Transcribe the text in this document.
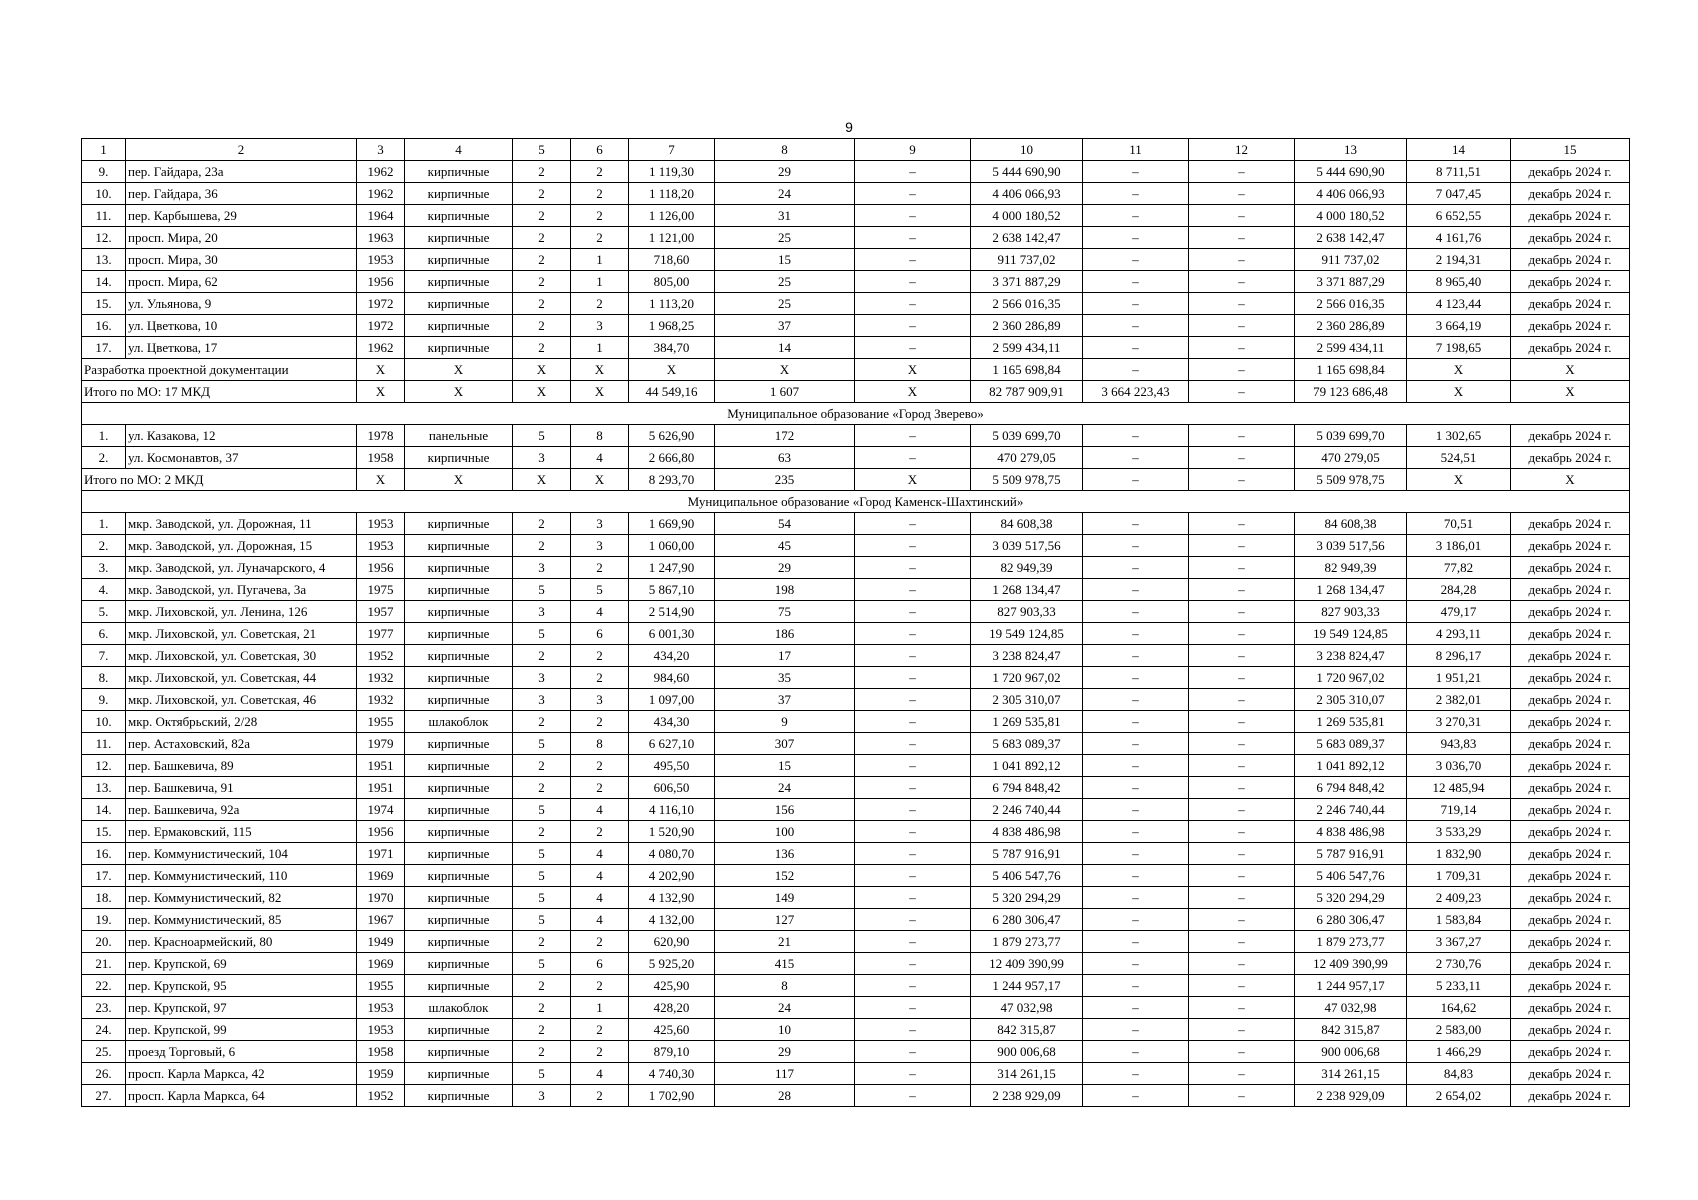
9
1	2	3	4	5	6	7	8	9	10	11	12	13	14	15
9.	пер. Гайдара, 23а	1962	кирпичные	2	2	1 119,30	29	–	5 444 690,90	–	–	5 444 690,90	8 711,51	декабрь 2024 г.
10.	пер. Гайдара, 36	1962	кирпичные	2	2	1 118,20	24	–	4 406 066,93	–	–	4 406 066,93	7 047,45	декабрь 2024 г.
11.	пер. Карбышева, 29	1964	кирпичные	2	2	1 126,00	31	–	4 000 180,52	–	–	4 000 180,52	6 652,55	декабрь 2024 г.
12.	просп. Мира, 20	1963	кирпичные	2	2	1 121,00	25	–	2 638 142,47	–	–	2 638 142,47	4 161,76	декабрь 2024 г.
13.	просп. Мира, 30	1953	кирпичные	2	1	718,60	15	–	911 737,02	–	–	911 737,02	2 194,31	декабрь 2024 г.
14.	просп. Мира, 62	1956	кирпичные	2	1	805,00	25	–	3 371 887,29	–	–	3 371 887,29	8 965,40	декабрь 2024 г.
15.	ул. Ульянова, 9	1972	кирпичные	2	2	1 113,20	25	–	2 566 016,35	–	–	2 566 016,35	4 123,44	декабрь 2024 г.
16.	ул. Цветкова, 10	1972	кирпичные	2	3	1 968,25	37	–	2 360 286,89	–	–	2 360 286,89	3 664,19	декабрь 2024 г.
17.	ул. Цветкова, 17	1962	кирпичные	2	1	384,70	14	–	2 599 434,11	–	–	2 599 434,11	7 198,65	декабрь 2024 г.
Разработка проектной документации		X	X	X	X	X	X	X	1 165 698,84	–	–	1 165 698,84	X	X
Итого по МО: 17 МКД		X	X	X	X	44 549,16	1 607	X	82 787 909,91	3 664 223,43	–	79 123 686,48	X	X
Муниципальное образование «Город Зверево»														
1.	ул. Казакова, 12	1978	панельные	5	8	5 626,90	172	–	5 039 699,70	–	–	5 039 699,70	1 302,65	декабрь 2024 г.
2.	ул. Космонавтов, 37	1958	кирпичные	3	4	2 666,80	63	–	470 279,05	–	–	470 279,05	524,51	декабрь 2024 г.
Итого по МО: 2 МКД		X	X	X	X	8 293,70	235	X	5 509 978,75	–	–	5 509 978,75	X	X
Муниципальное образование «Город Каменск-Шахтинский»														
1.	мкр. Заводской, ул. Дорожная, 11	1953	кирпичные	2	3	1 669,90	54	–	84 608,38	–	–	84 608,38	70,51	декабрь 2024 г.
2.	мкр. Заводской, ул. Дорожная, 15	1953	кирпичные	2	3	1 060,00	45	–	3 039 517,56	–	–	3 039 517,56	3 186,01	декабрь 2024 г.
3.	мкр. Заводской, ул. Луначарского, 4	1956	кирпичные	3	2	1 247,90	29	–	82 949,39	–	–	82 949,39	77,82	декабрь 2024 г.
4.	мкр. Заводской, ул. Пугачева, 3а	1975	кирпичные	5	5	5 867,10	198	–	1 268 134,47	–	–	1 268 134,47	284,28	декабрь 2024 г.
5.	мкр. Лиховской, ул. Ленина, 126	1957	кирпичные	3	4	2 514,90	75	–	827 903,33	–	–	827 903,33	479,17	декабрь 2024 г.
6.	мкр. Лиховской, ул. Советская, 21	1977	кирпичные	5	6	6 001,30	186	–	19 549 124,85	–	–	19 549 124,85	4 293,11	декабрь 2024 г.
7.	мкр. Лиховской, ул. Советская, 30	1952	кирпичные	2	2	434,20	17	–	3 238 824,47	–	–	3 238 824,47	8 296,17	декабрь 2024 г.
8.	мкр. Лиховской, ул. Советская, 44	1932	кирпичные	3	2	984,60	35	–	1 720 967,02	–	–	1 720 967,02	1 951,21	декабрь 2024 г.
9.	мкр. Лиховской, ул. Советская, 46	1932	кирпичные	3	3	1 097,00	37	–	2 305 310,07	–	–	2 305 310,07	2 382,01	декабрь 2024 г.
10.	мкр. Октябрьский, 2/28	1955	шлакоблок	2	2	434,30	9	–	1 269 535,81	–	–	1 269 535,81	3 270,31	декабрь 2024 г.
11.	пер. Астаховский, 82а	1979	кирпичные	5	8	6 627,10	307	–	5 683 089,37	–	–	5 683 089,37	943,83	декабрь 2024 г.
12.	пер. Башкевича, 89	1951	кирпичные	2	2	495,50	15	–	1 041 892,12	–	–	1 041 892,12	3 036,70	декабрь 2024 г.
13.	пер. Башкевича, 91	1951	кирпичные	2	2	606,50	24	–	6 794 848,42	–	–	6 794 848,42	12 485,94	декабрь 2024 г.
14.	пер. Башкевича, 92а	1974	кирпичные	5	4	4 116,10	156	–	2 246 740,44	–	–	2 246 740,44	719,14	декабрь 2024 г.
15.	пер. Ермаковский, 115	1956	кирпичные	2	2	1 520,90	100	–	4 838 486,98	–	–	4 838 486,98	3 533,29	декабрь 2024 г.
16.	пер. Коммунистический, 104	1971	кирпичные	5	4	4 080,70	136	–	5 787 916,91	–	–	5 787 916,91	1 832,90	декабрь 2024 г.
17.	пер. Коммунистический, 110	1969	кирпичные	5	4	4 202,90	152	–	5 406 547,76	–	–	5 406 547,76	1 709,31	декабрь 2024 г.
18.	пер. Коммунистический, 82	1970	кирпичные	5	4	4 132,90	149	–	5 320 294,29	–	–	5 320 294,29	2 409,23	декабрь 2024 г.
19.	пер. Коммунистический, 85	1967	кирпичные	5	4	4 132,00	127	–	6 280 306,47	–	–	6 280 306,47	1 583,84	декабрь 2024 г.
20.	пер. Красноармейский, 80	1949	кирпичные	2	2	620,90	21	–	1 879 273,77	–	–	1 879 273,77	3 367,27	декабрь 2024 г.
21.	пер. Крупской, 69	1969	кирпичные	5	6	5 925,20	415	–	12 409 390,99	–	–	12 409 390,99	2 730,76	декабрь 2024 г.
22.	пер. Крупской, 95	1955	кирпичные	2	2	425,90	8	–	1 244 957,17	–	–	1 244 957,17	5 233,11	декабрь 2024 г.
23.	пер. Крупской, 97	1953	шлакоблок	2	1	428,20	24	–	47 032,98	–	–	47 032,98	164,62	декабрь 2024 г.
24.	пер. Крупской, 99	1953	кирпичные	2	2	425,60	10	–	842 315,87	–	–	842 315,87	2 583,00	декабрь 2024 г.
25.	проезд Торговый, 6	1958	кирпичные	2	2	879,10	29	–	900 006,68	–	–	900 006,68	1 466,29	декабрь 2024 г.
26.	просп. Карла Маркса, 42	1959	кирпичные	5	4	4 740,30	117	–	314 261,15	–	–	314 261,15	84,83	декабрь 2024 г.
27.	просп. Карла Маркса, 64	1952	кирпичные	3	2	1 702,90	28	–	2 238 929,09	–	–	2 238 929,09	2 654,02	декабрь 2024 г.
